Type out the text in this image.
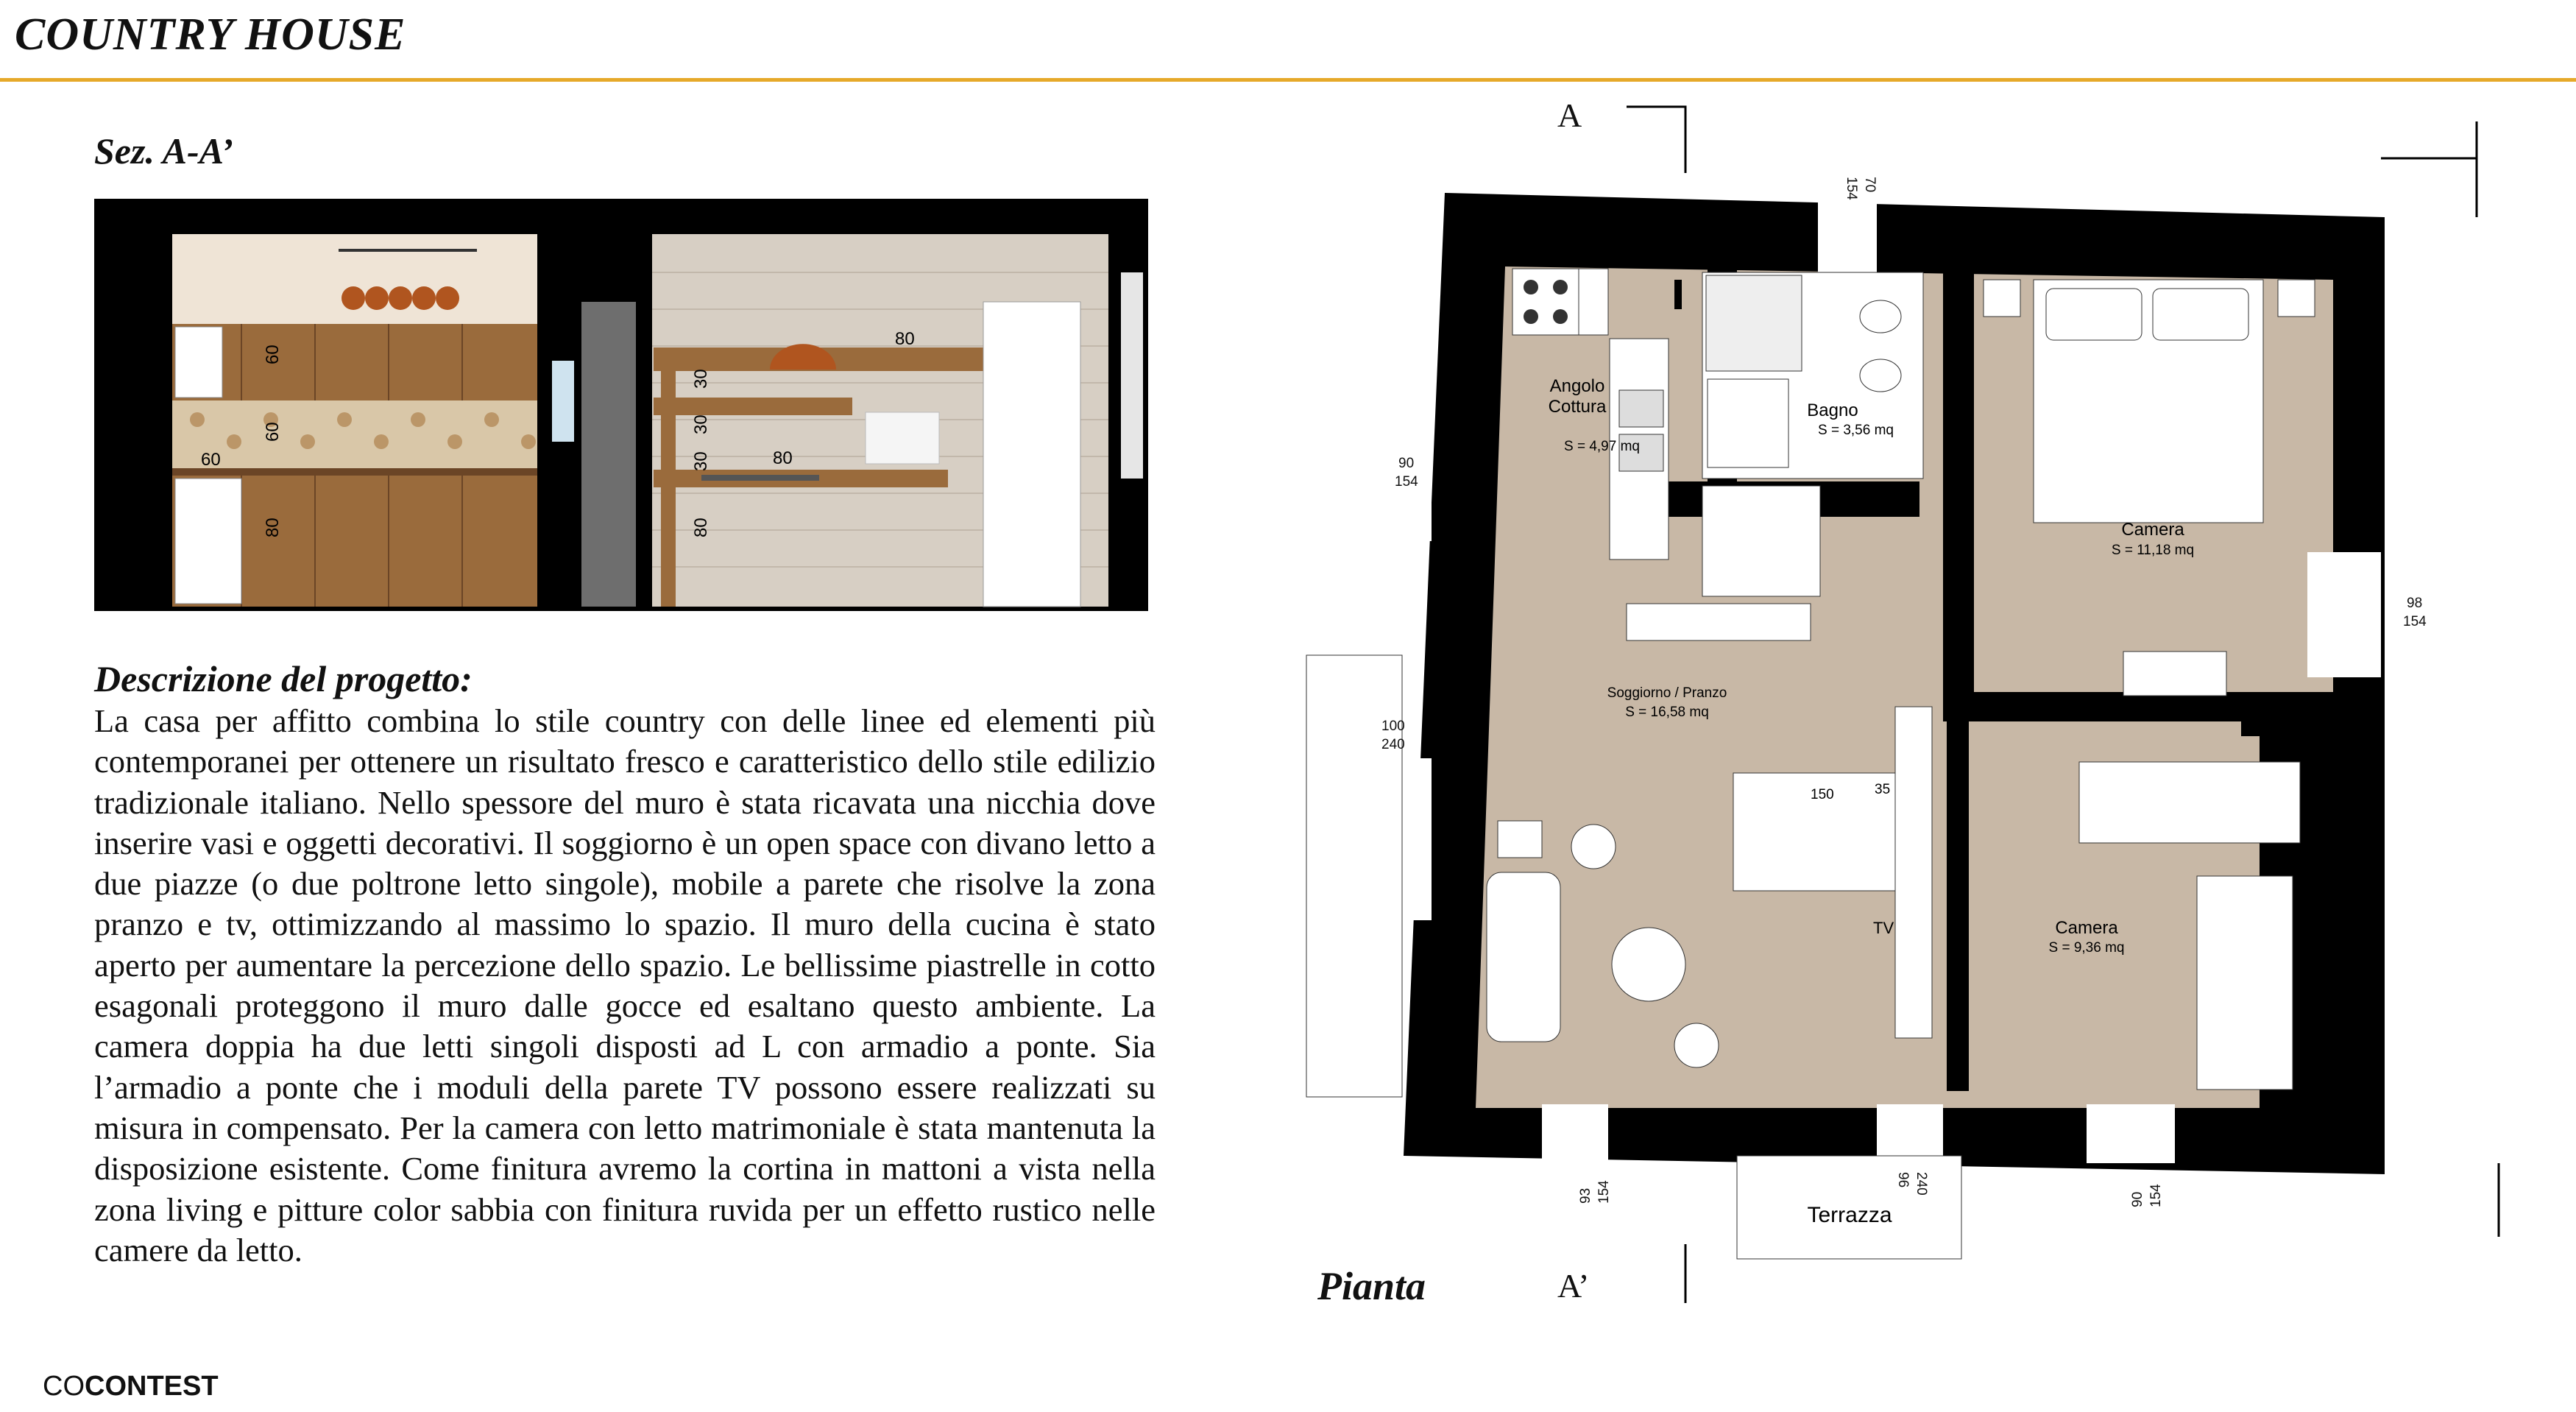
COUNTRY HOUSE
Sez. A-A’
60
60
60
80
80
80
30
30
30
80
Descrizione del progetto:

La casa per affitto combina lo stile country con delle linee ed elementi più contemporanei per ottenere un risultato fresco e caratteristico dello stile edilizio tradizionale italiano. Nello spessore del muro è stata ricavata una nicchia dove inserire vasi e oggetti decorativi. Il soggiorno è un open space con divano letto a due piazze (o due poltrone letto singole), mobile a parete che risolve la zona pranzo e tv, ottimizzando al massimo lo spazio. Il muro della cucina è stato aperto per aumentare la percezione dello spazio. Le bellissime piastrelle in cotto esagonali proteggono il muro dalle gocce ed esaltano questo ambiente. La camera doppia ha due letti singoli disposti ad L con armadio a ponte. Sia l’armadio a ponte che i moduli della parete TV possono essere realizzati su misura in compensato. Per la camera con letto matrimoniale è stata mantenuta la disposizione esistente. Come finitura avremo la cortina in mattoni a vista nella zona living e pitture color sabbia con finitura ruvida per un effetto rustico nelle camere da letto.

Angolo
Cottura
S = 4,97 mq
Bagno
S = 3,56 mq
Camera
S = 11,18 mq
Soggiorno / Pranzo
S = 16,58 mq
150	35
TV	Camera
S = 9,36 mq
Terrazza
70
154
90
154
98
154
100
240
93 154	240
96
90 154
A
A’
Pianta
COCONTEST
